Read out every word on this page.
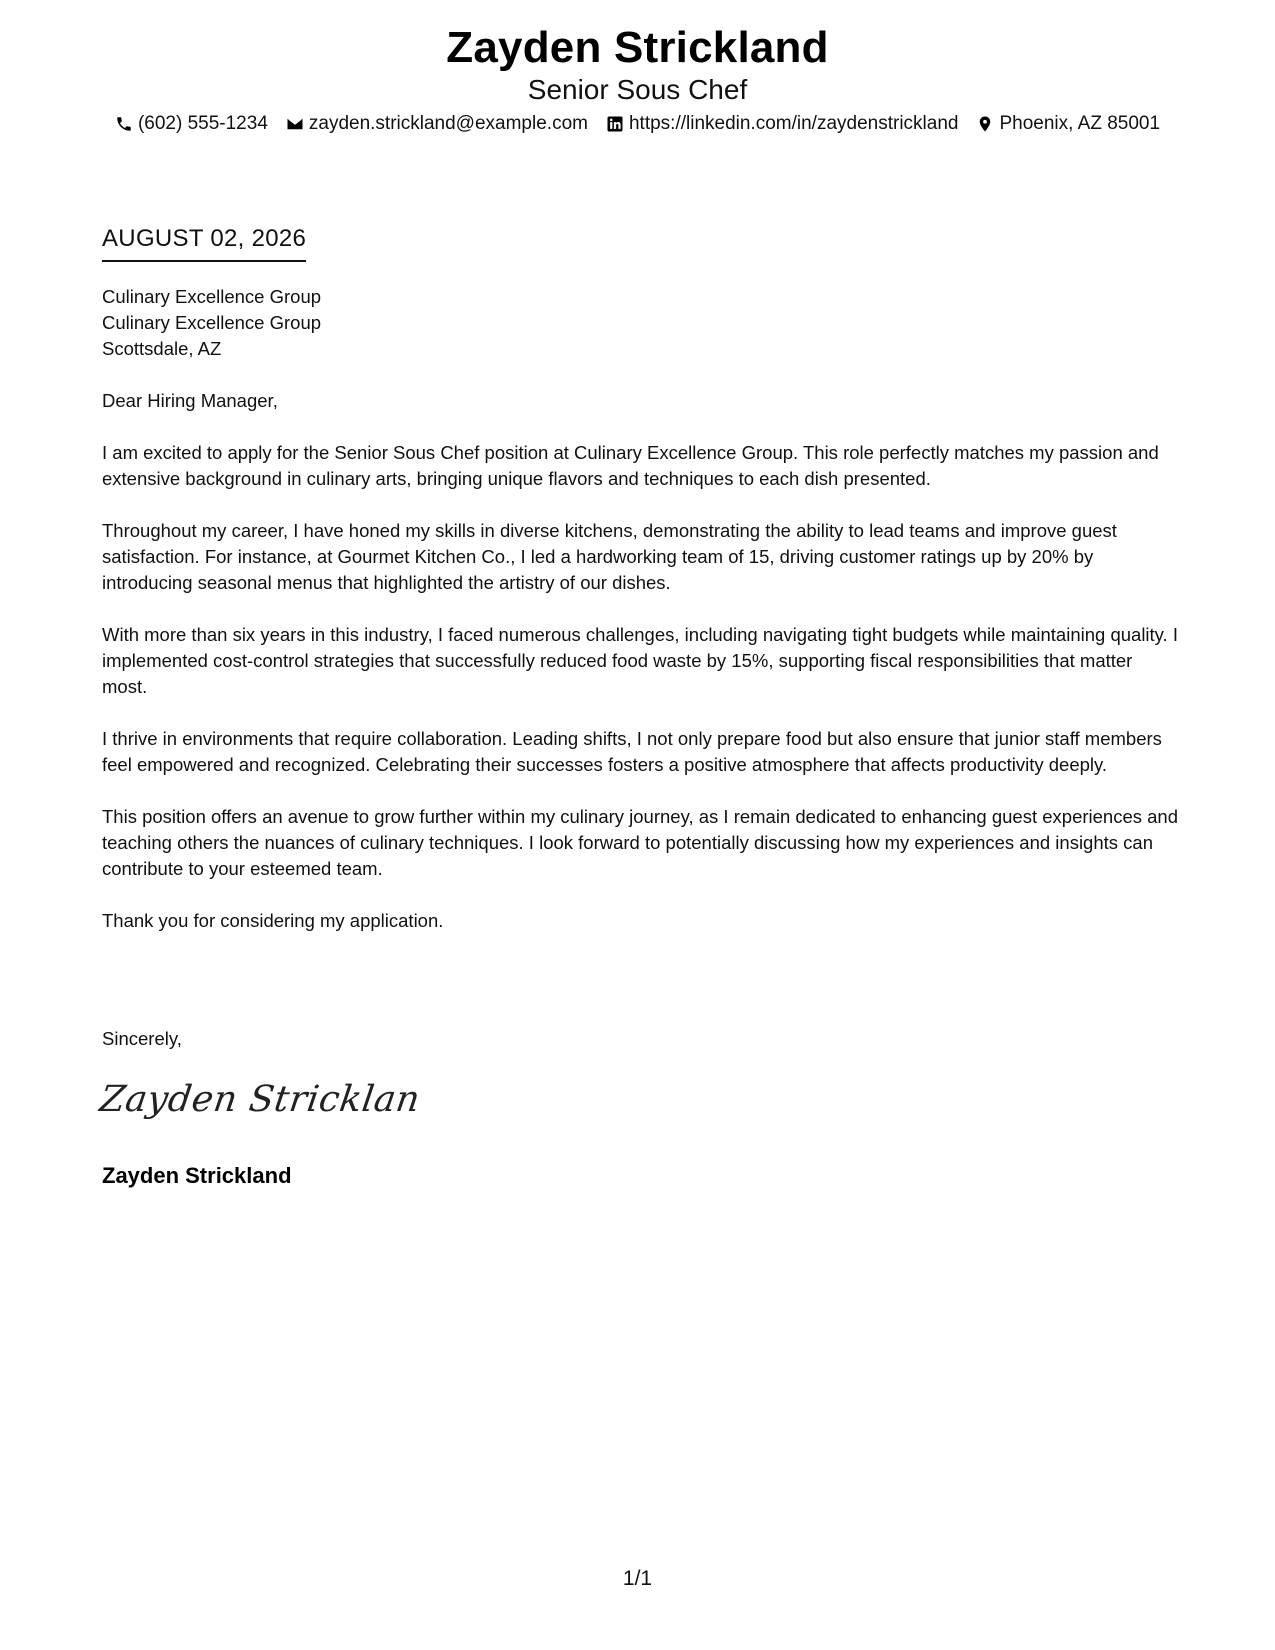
Zayden Strickland
Senior Sous Chef
(602) 555-1234 zayden.strickland@example.com https://linkedin.com/in/zaydenstrickland Phoenix, AZ 85001
AUGUST 02, 2026
Culinary Excellence Group
Culinary Excellence Group
Scottsdale, AZ

Dear Hiring Manager,

I am excited to apply for the Senior Sous Chef position at Culinary Excellence Group. This role perfectly matches my passion and extensive background in culinary arts, bringing unique flavors and techniques to each dish presented.

Throughout my career, I have honed my skills in diverse kitchens, demonstrating the ability to lead teams and improve guest satisfaction. For instance, at Gourmet Kitchen Co., I led a hardworking team of 15, driving customer ratings up by 20% by introducing seasonal menus that highlighted the artistry of our dishes.

With more than six years in this industry, I faced numerous challenges, including navigating tight budgets while maintaining quality. I implemented cost-control strategies that successfully reduced food waste by 15%, supporting fiscal responsibilities that matter most.

I thrive in environments that require collaboration. Leading shifts, I not only prepare food but also ensure that junior staff members feel empowered and recognized. Celebrating their successes fosters a positive atmosphere that affects productivity deeply.

This position offers an avenue to grow further within my culinary journey, as I remain dedicated to enhancing guest experiences and teaching others the nuances of culinary techniques. I look forward to potentially discussing how my experiences and insights can contribute to your esteemed team.

Thank you for considering my application.

Sincerely,
Zayden Stricklan
Zayden Strickland
1/1
